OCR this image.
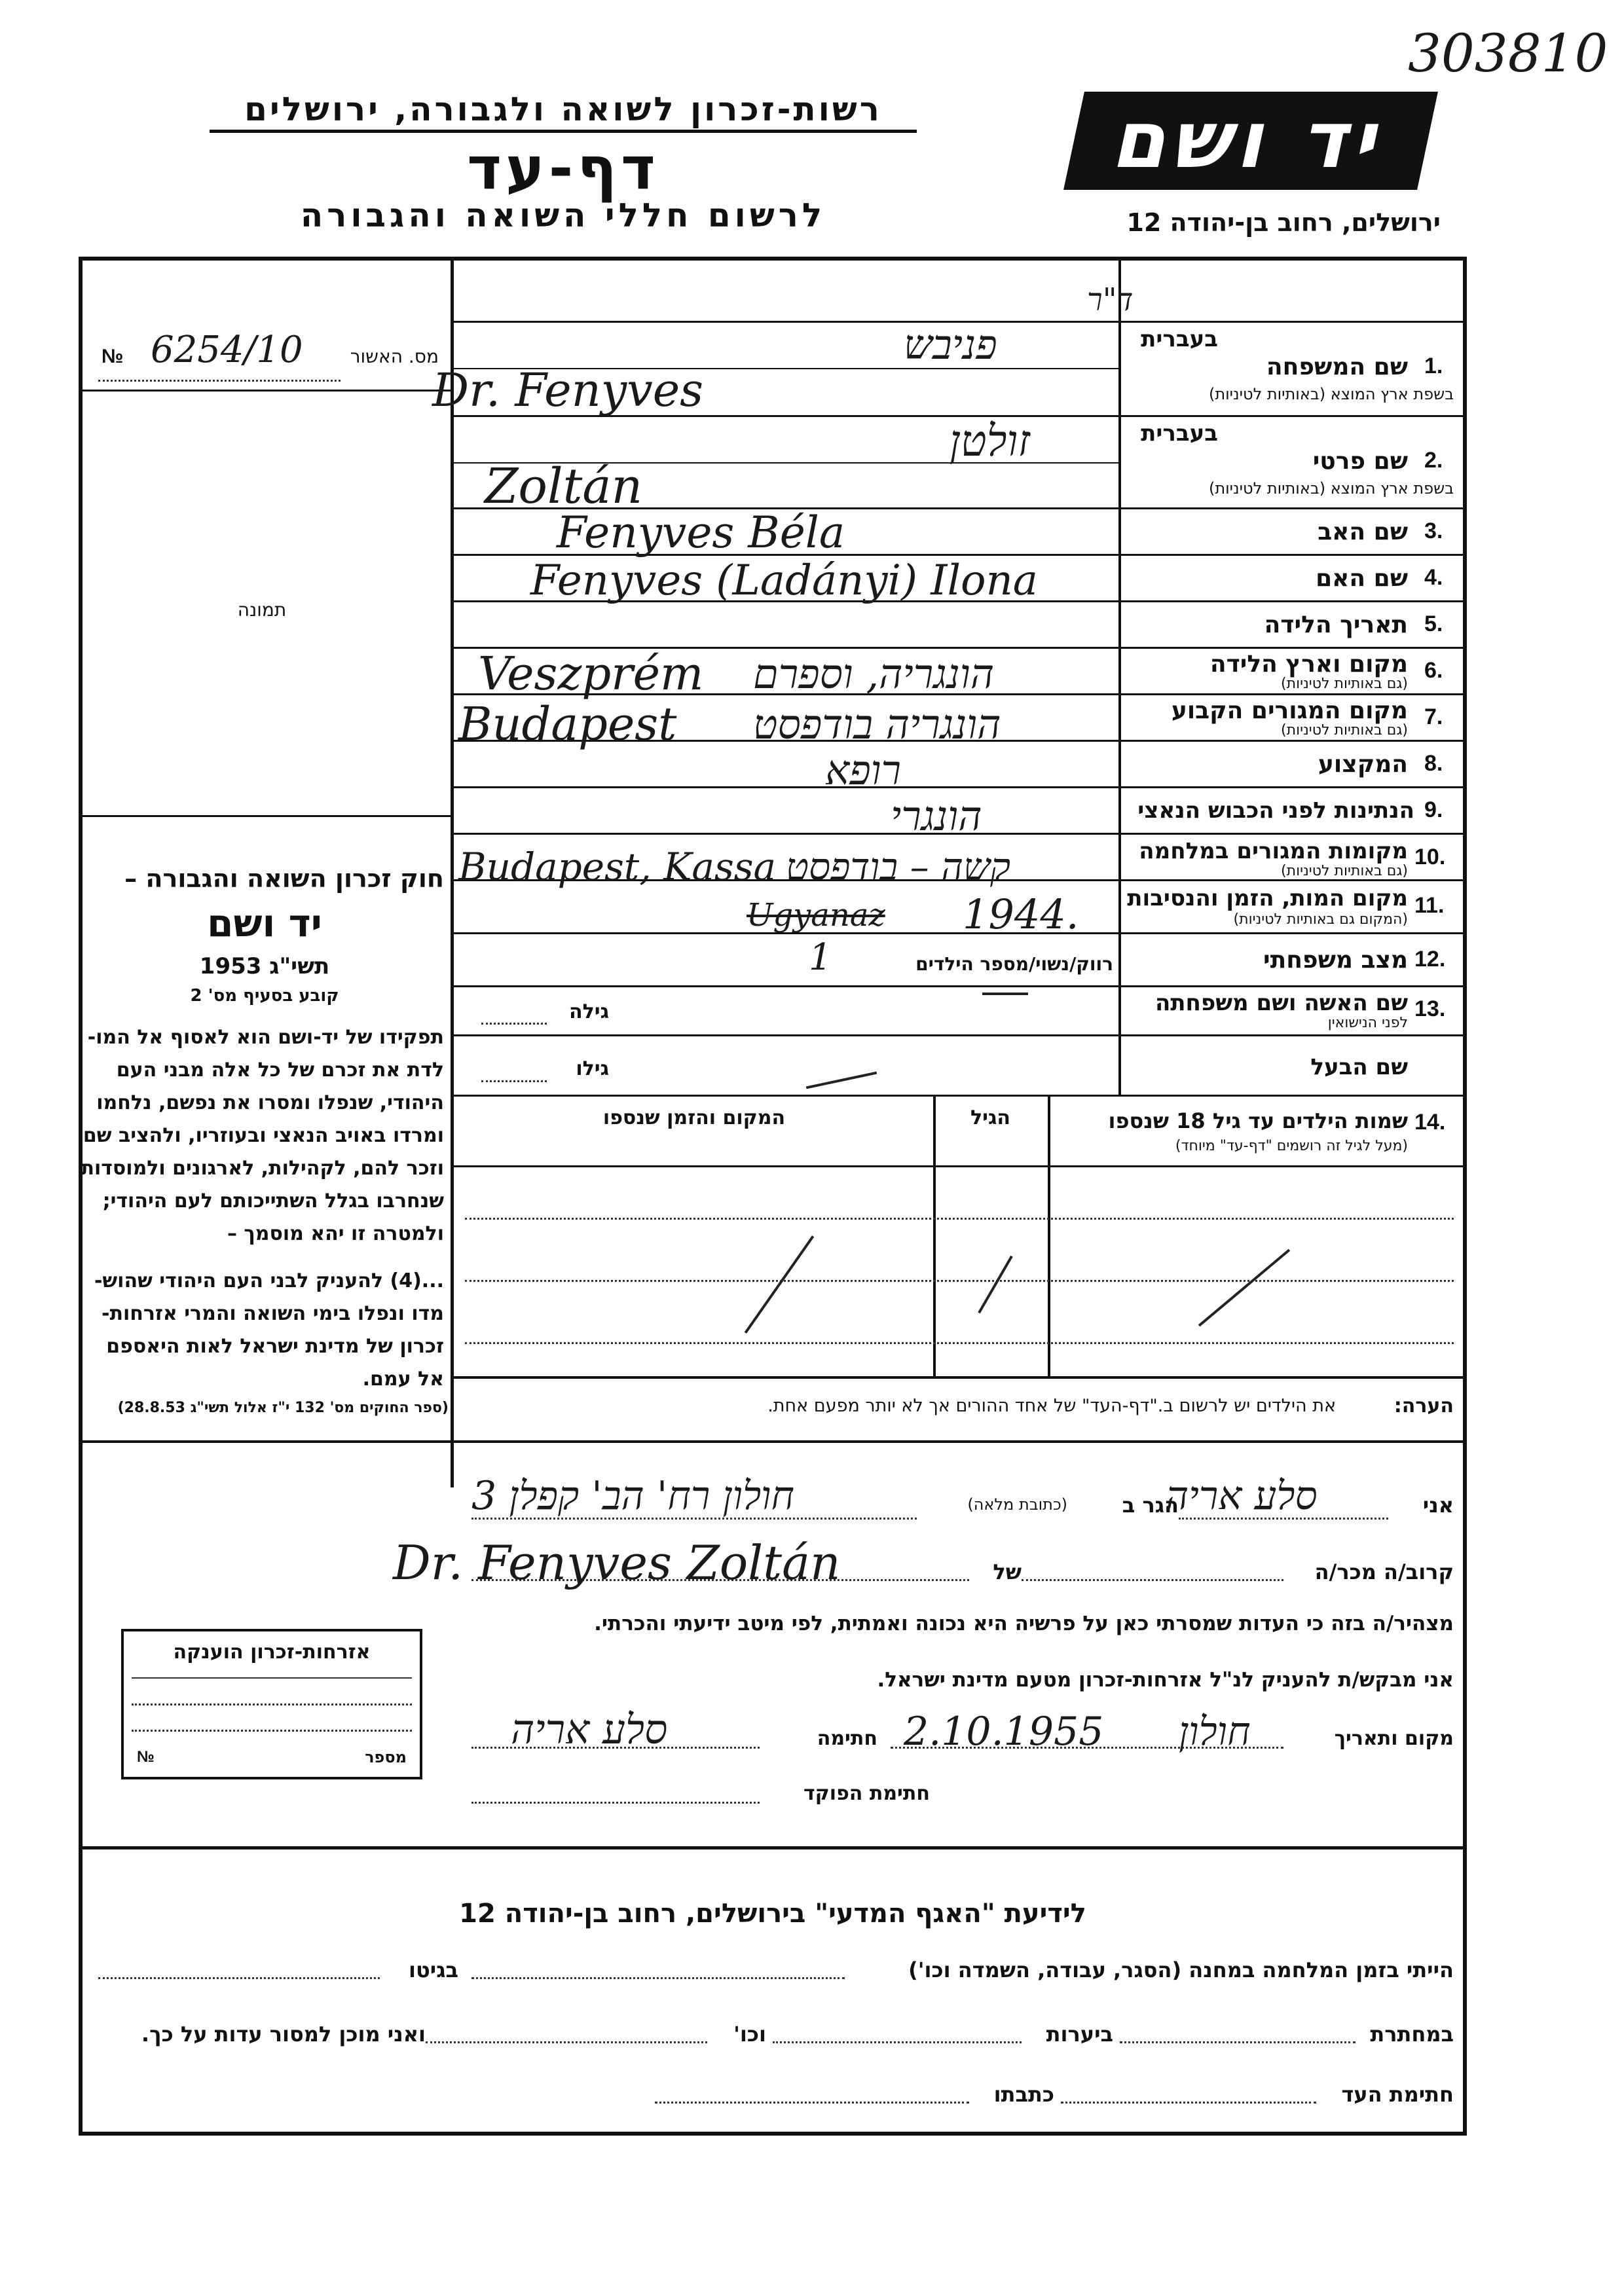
303810
יד ושם
רשות-זכרון לשואה ולגבורה, ירושלים
דף-עד
לרשום חללי השואה והגבורה	ירושלים, רחוב בן-יהודה 12
מס. האשור
6254/10
№
תמונה
חוק זכרון השואה והגבורה –
יד ושם
תשי"ג 1953
קובע בסעיף מס' 2
תפקידו של יד-ושם הוא לאסוף אל המו-
לדת את זכרם של כל אלה מבני העם
היהודי, שנפלו ומסרו את נפשם, נלחמו
ומרדו באויב הנאצי ובעוזריו, ולהציב שם
וזכר להם, לקהילות, לארגונים ולמוסדות
שנחרבו בגלל השתייכותם לעם היהודי;
ולמטרה זו יהא מוסמך –
...(4) להעניק לבני העם היהודי שהוש-
מדו ונפלו בימי השואה והמרי אזרחות-
זכרון של מדינת ישראל לאות היאספם
אל עמם.
(ספר החוקים מס' 132 י"ז אלול תשי"ג 28.8.53)
בעברית
שם המשפחה 1.
בשפת ארץ המוצא (באותיות לטיניות)
בעברית
שם פרטי 2.
בשפת ארץ המוצא (באותיות לטיניות)
שם האב 3.
שם האם 4.
תאריך הלידה 5.
מקום וארץ הלידה
(גם באותיות לטיניות)
6.
מקום המגורים הקבוע
(גם באותיות לטיניות)
7.
המקצוע 8.
הנתינות לפני הכבוש הנאצי 9.
מקומות המגורים במלחמה
(גם באותיות לטיניות)
10.
מקום המות, הזמן והנסיבות
(המקום גם באותיות לטיניות)
11.
מצב משפחתי 12.
רווק/נשוי/מספר הילדים
שם האשה ושם משפחתה
לפני הנישואין
13.
גילה
שם הבעל
גילו
14.
שמות הילדים עד גיל 18 שנספו
(מעל לגיל זה רושמים "דף-עד" מיוחד)
הגיל
המקום והזמן שנספו
הערה:
את הילדים יש לרשום ב."דף-העד" של אחד ההורים אך לא יותר מפעם אחת.
אני
הגר ב
(כתובת מלאה)
קרוב/ה מכר/ה
של
מצהיר/ה בזה כי העדות שמסרתי כאן על פרשיה היא נכונה ואמתית, לפי מיטב ידיעתי והכרתי.
אני מבקש/ת להעניק לנ"ל אזרחות-זכרון מטעם מדינת ישראל.
מקום ותאריך
חתימה
חתימת הפוקד
אזרחות-זכרון הוענקה
מספר
№
לידיעת "האגף המדעי" בירושלים, רחוב בן-יהודה 12
הייתי בזמן המלחמה במחנה (הסגר, עבודה, השמדה וכו')
בגיטו
במחתרת
ביערות
וכו'
ואני מוכן למסור עדות על כך.
חתימת העד
כתבתו
ד"ר
פניבש
Dr. Fenyves
זולטן
Zoltán
Fenyves Béla
Fenyves (Ladányi) Ilona
Veszprém הונגריה, וספרם
Budapest הונגריה בודפסט
רופא
הונגרי
Budapest, Kassa קשה – בודפסט
Ugyanaz 1944.
1
סלע אריה
חולון רח' הב' קפלן 3
Dr. Fenyves Zoltán
2.10.1955 חולון
סלע אריה
